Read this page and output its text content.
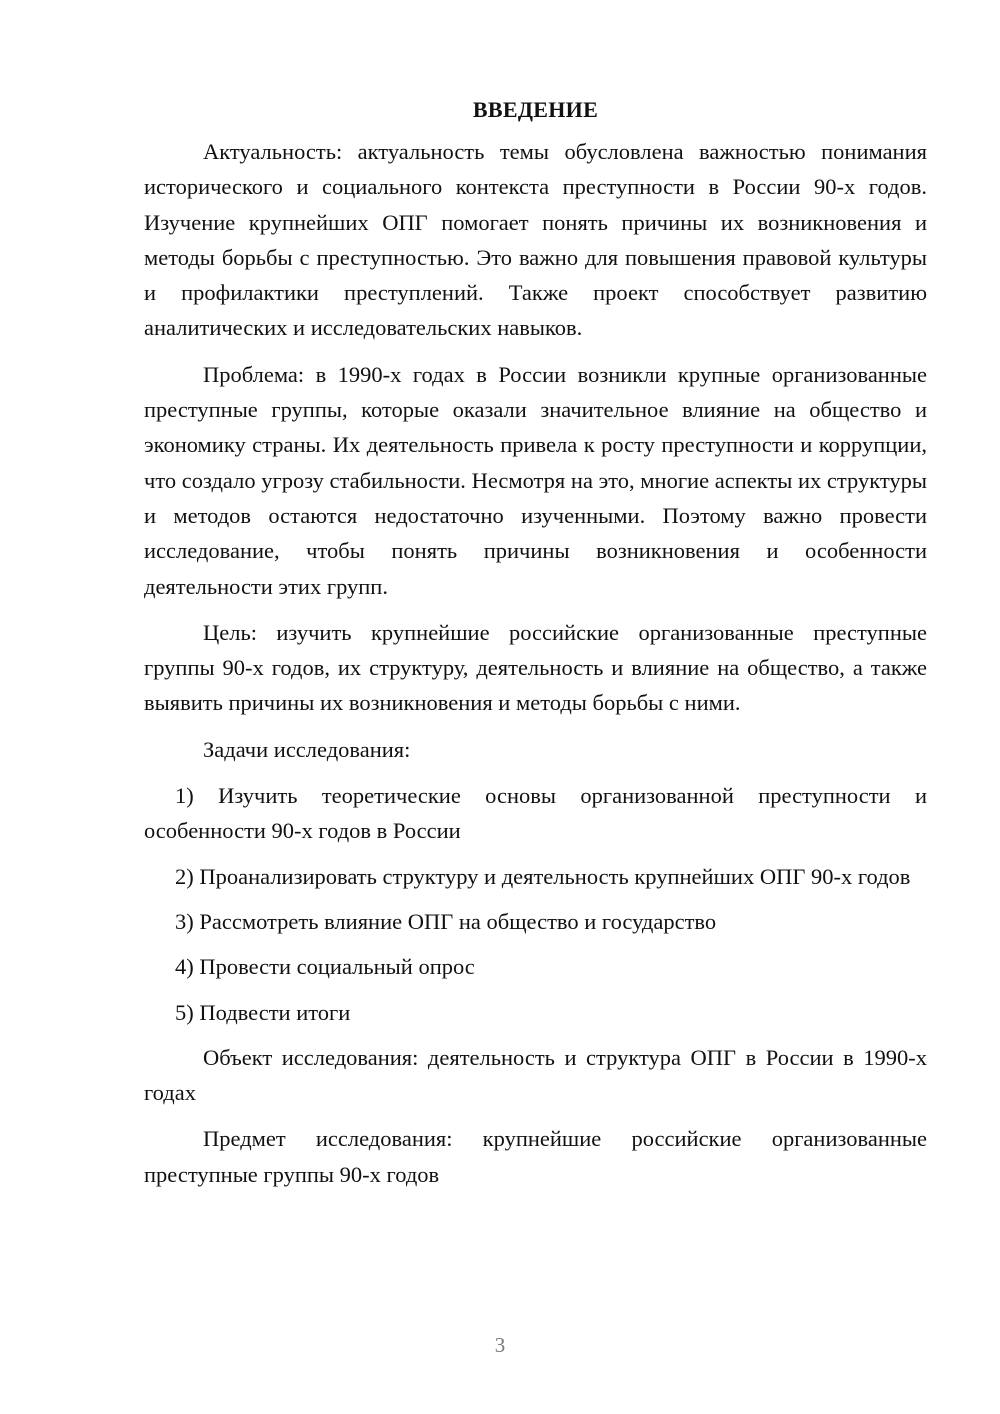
ВВЕДЕНИЕ

Актуальность: актуальность темы обусловлена важностью понимания исторического и социального контекста преступности в России 90-х годов. Изучение крупнейших ОПГ помогает понять причины их возникновения и методы борьбы с преступностью. Это важно для повышения правовой культуры и профилактики преступлений. Также проект способствует развитию аналитических и исследовательских навыков.

Проблема: в 1990-х годах в России возникли крупные организованные преступные группы, которые оказали значительное влияние на общество и экономику страны. Их деятельность привела к росту преступности и коррупции, что создало угрозу стабильности. Несмотря на это, многие аспекты их структуры и методов остаются недостаточно изученными. Поэтому важно провести исследование, чтобы понять причины возникновения и особенности деятельности этих групп.

Цель: изучить крупнейшие российские организованные преступные группы 90-х годов, их структуру, деятельность и влияние на общество, а также выявить причины их возникновения и методы борьбы с ними.

Задачи исследования:

1) Изучить теоретические основы организованной преступности и особенности 90-х годов в России

2) Проанализировать структуру и деятельность крупнейших ОПГ 90-х годов

3) Рассмотреть влияние ОПГ на общество и государство

4) Провести социальный опрос

5) Подвести итоги

Объект исследования: деятельность и структура ОПГ в России в 1990-х годах

Предмет исследования: крупнейшие российские организованные преступные группы 90-х годов

3
